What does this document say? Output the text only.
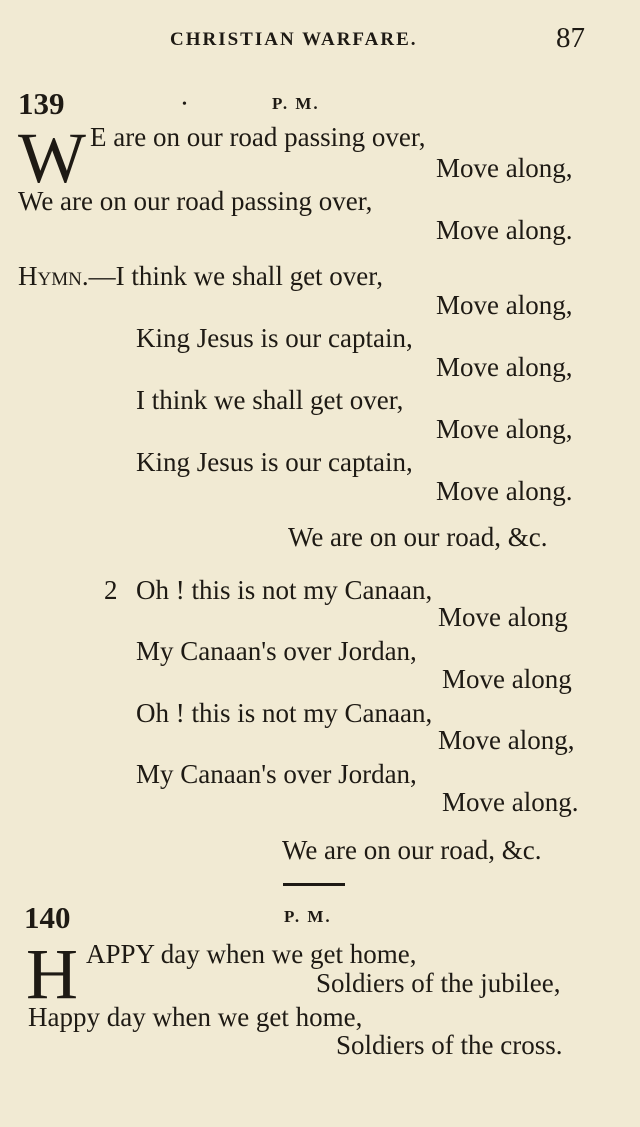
CHRISTIAN WARFARE.	87
139	•	P. M.
W E are on our road passing over,
Move along,
We are on our road passing over,
Move along.
Hymn.—I think we shall get over,
Move along,
King Jesus is our captain,
Move along,
I think we shall get over,
Move along,
King Jesus is our captain,
Move along.
We are on our road, &c.
2 Oh ! this is not my Canaan,
Move along
My Canaan's over Jordan,
Move along
Oh ! this is not my Canaan,
Move along,
My Canaan's over Jordan,
Move along.
We are on our road, &c.
140	P. M.
H APPY day when we get home,
Soldiers of the jubilee,
Happy day when we get home,
Soldiers of the cross.
